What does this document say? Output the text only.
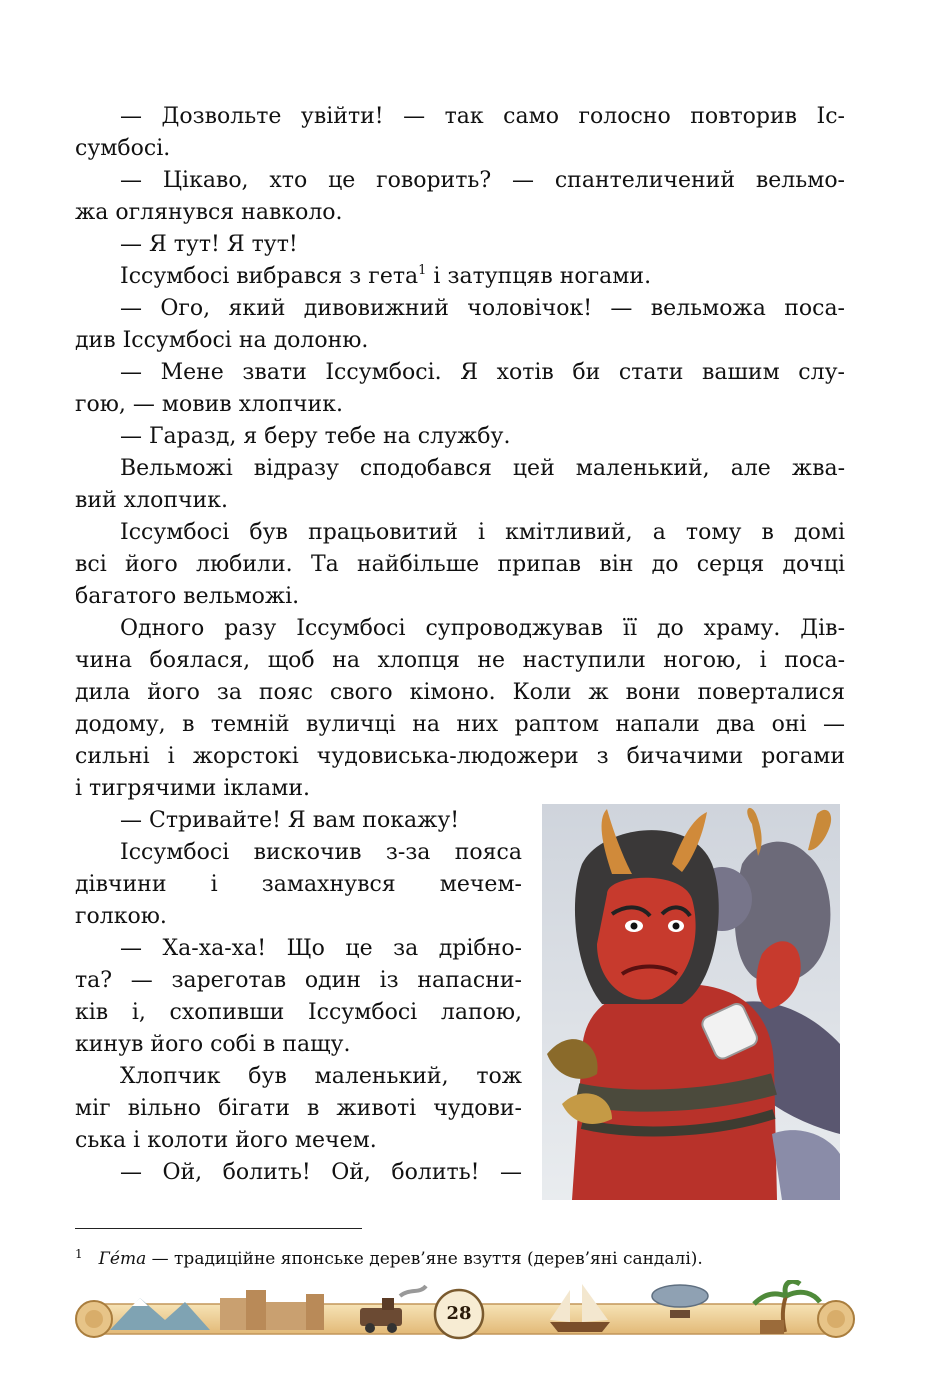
— Дозвольте увійти! — так само голосно повторив Іс-
сумбосі.
— Цікаво, хто це говорить? — спантеличений вельмо-
жа оглянувся навколо.
— Я тут! Я тут!
Іссумбосі вибрався з гета$^1$ і затупцяв ногами.
— Ого, який дивовижний чоловічок! — вельможа поса-
див Іссумбосі на долоню.
— Мене звати Іссумбосі. Я хотів би стати вашим слу-
гою, — мовив хлопчик.
— Гаразд, я беру тебе на службу.
Вельможі відразу сподобався цей маленький, але жва-
вий хлопчик.
Іссумбосі був працьовитий і кмітливий, а тому в домі
всі його любили. Та найбільше припав він до серця дочці
багатого вельможі.
Одного разу Іссумбосі супроводжував її до храму. Дів-
чина боялася, щоб на хлопця не наступили ногою, і поса-
дила його за пояс свого кімоно. Коли ж вони поверталися
додому, в темній вуличці на них раптом напали два оні —
сильні і жорстокі чудовиська-людожери з бичачими рогами
і тигрячими іклами.
— Стривайте! Я вам покажу!
Іссумбосі вискочив з-за пояса
дівчини і замахнувся мечем-
голкою.
— Ха-ха-ха! Що це за дрібно-
та? — зареготав один із напасни-
ків і, схопивши Іссумбосі лапою,
кинув його собі в пащу.
Хлопчик був маленький, тож
міг вільно бігати в животі чудови-
ська і колоти його мечем.
— Ой, болить! Ой, болить! —
$^1$ Ге́та — традиційне японське дерев’яне взуття (дерев’яні сандалі).
28
